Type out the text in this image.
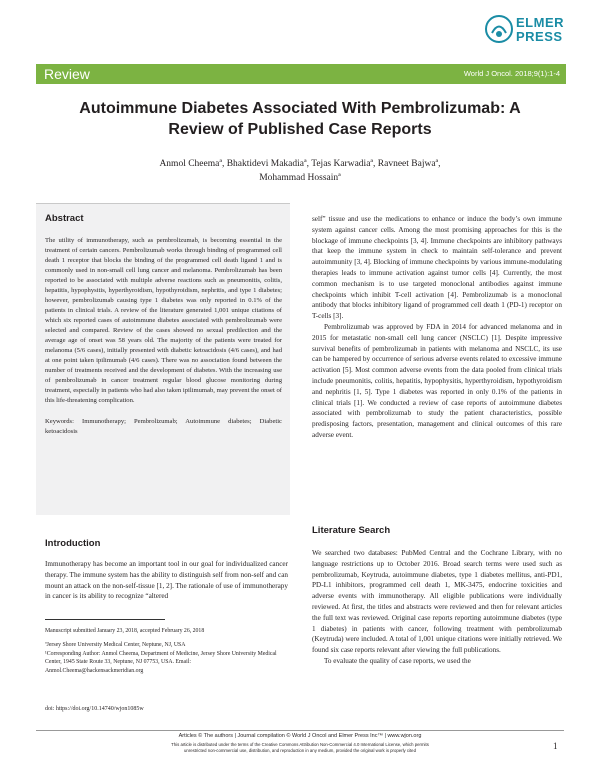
ELMER
PRESS
Review	World J Oncol. 2018;9(1):1-4
Autoimmune Diabetes Associated With Pembrolizumab: A Review of Published Case Reports
Anmol Cheemaª, Bhaktidevi Makadiaª, Tejas Karwadiaª, Ravneet Bajwaª,
Mohammad Hossainª
Abstract

The utility of immunotherapy, such as pembrolizumab, is becoming essential in the treatment of certain cancers. Pembrolizumab works through binding of programmed cell death 1 receptor that blocks the binding of the programmed cell death ligand 1 and is commonly used in non-small cell lung cancer and melanoma. Pembrolizumab has been reported to be associated with multiple adverse reactions such as pneumonitis, colitis, hepatitis, hypophysitis, hyperthyroidism, hypothyroidism, nephritis, and type 1 diabetes; however, pembrolizumab causing type 1 diabetes was only reported in 0.1% of the patients in clinical trials. A review of the literature generated 1,001 unique citations of which six reported cases of autoimmune diabetes associated with pembrolizumab were selected and compared. Review of the cases showed no sexual predilection and the average age of onset was 58 years old. The majority of the patients were treated for melanoma (5/6 cases), initially presented with diabetic ketoacidosis (4/6 cases), and had at one point taken ipilimumab (4/6 cases). There was no association found between the number of treatments received and the development of diabetes. With the increasing use of pembrolizumab in cancer treatment regular blood glucose monitoring during treatment, especially in patients who had also taken ipilimumab, may prevent the onset of this life-threatening complication.

Keywords: Immunotherapy; Pembrolizumab; Autoimmune diabetes; Diabetic ketoacidosis

Introduction

Immunotherapy has become an important tool in our goal for individualized cancer therapy. The immune system has the ability to distinguish self from non-self and can mount an attack on the non-self-tissue [1, 2]. The rationale of use of immunotherapy in cancer is its ability to recognize “altered

Manuscript submitted January 23, 2018, accepted February 26, 2018

ªJersey Shore University Medical Center, Neptune, NJ, USA

¹Corresponding Author: Anmol Cheema, Department of Medicine, Jersey Shore University Medical Center, 1945 State Route 33, Neptune, NJ 07753, USA. Email: Anmol.Cheema@hackensackmeridian.org

doi: https://doi.org/10.14740/wjon1085w

self” tissue and use the medications to enhance or induce the body’s own immune system against cancer cells. Among the most promising approaches for this is the blockage of immune checkpoints [3, 4]. Immune checkpoints are inhibitory pathways that keep the immune system in check to maintain self-tolerance and prevent autoimmunity [3, 4]. Blocking of immune checkpoints by various immune-modulating therapies leads to immune activation against tumor cells [4]. Currently, the most common mechanism is to use targeted monoclonal antibodies against immune checkpoints which inhibit T-cell activation [4]. Pembrolizumab is a monoclonal antibody that blocks inhibitory ligand of programmed cell death 1 (PD-1) receptor on T-cells [3].

Pembrolizumab was approved by FDA in 2014 for advanced melanoma and in 2015 for metastatic non-small cell lung cancer (NSCLC) [1]. Despite impressive survival benefits of pembrolizumab in patients with melanoma and NSCLC, its use can be hampered by occurrence of serious adverse events related to excessive immune activation [5]. Most common adverse events from the data pooled from clinical trials include pneumonitis, colitis, hepatitis, hypophysitis, hyperthyroidism, hypothyroidism and nephritis [1, 5]. Type 1 diabetes was reported in only 0.1% of the patients in clinical trials [1]. We conducted a review of case reports of autoimmune diabetes associated with pembrolizumab to study the patient characteristics, possible predisposing factors, presentation, management and clinical outcomes of this rare adverse event.

Literature Search

We searched two databases: PubMed Central and the Cochrane Library, with no language restrictions up to October 2016. Broad search terms were used such as pembrolizumab, Keytruda, autoimmune diabetes, type 1 diabetes mellitus, anti-PD1, PD-L1 inhibitors, programmed cell death 1, MK-3475, endocrine toxicities and adverse events with immunotherapy. All eligible publications were individually reviewed. At first, the titles and abstracts were reviewed and then for relevant articles the full text was reviewed. Original case reports reporting autoimmune diabetes (type 1 diabetes) in patients with cancer, following treatment with pembrolizumab (Keytruda) were included. A total of 1,001 unique citations were initially retrieved. We found six case reports relevant after viewing the full publications.

To evaluate the quality of case reports, we used the

Articles © The authors | Journal compilation © World J Oncol and Elmer Press Inc™ | www.wjon.org
This article is distributed under the terms of the Creative Commons Attribution Non-Commercial 4.0 International License, which permits
unrestricted non-commercial use, distribution, and reproduction in any medium, provided the original work is properly cited	1
